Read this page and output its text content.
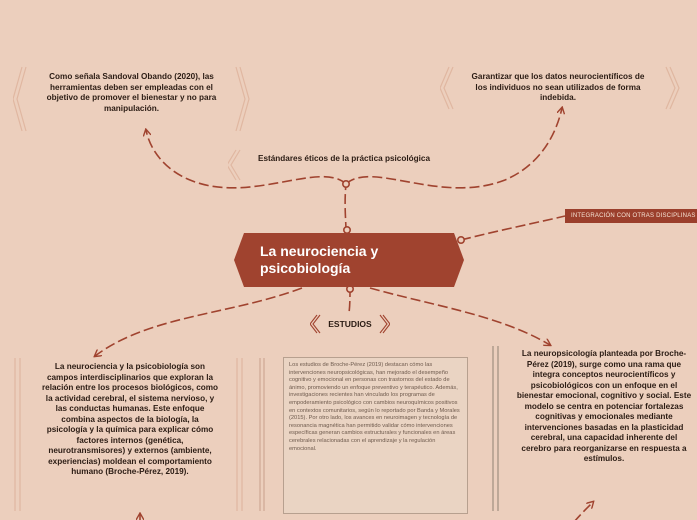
Estándares éticos de la práctica psicológica
Como señala Sandoval Obando (2020), las herramientas deben ser empleadas con el objetivo de promover el bienestar y no para manipulación.
Garantizar que los datos neurocientíficos de los individuos no sean utilizados de forma indebida.
La neurociencia y psicobiología
INTEGRACIÓN CON OTRAS DISCIPLINAS
ESTUDIOS
La neurociencia y la psicobiología son campos interdisciplinarios que exploran la relación entre los procesos biológicos, como la actividad cerebral, el sistema nervioso, y las conductas humanas. Este enfoque combina aspectos de la biología, la psicología y la química para explicar cómo factores internos (genética, neurotransmisores) y externos (ambiente, experiencias) moldean el comportamiento humano (Broche-Pérez, 2019).
Los estudios de Broche-Pérez (2019) destacan cómo las intervenciones neuropsicológicas, han mejorado el desempeño cognitivo y emocional en personas con trastornos del estado de ánimo, promoviendo un enfoque preventivo y terapéutico. Además, investigaciones recientes han vinculado los programas de empoderamiento psicológico con cambios neuroquímicos positivos en contextos comunitarios, según lo reportado por Banda y Morales (2015). Por otro lado, los avances en neuroimagen y tecnología de resonancia magnética han permitido validar cómo intervenciones específicas generan cambios estructurales y funcionales en áreas cerebrales relacionadas con el aprendizaje y la regulación emocional.
La neuropsicología planteada por Broche-Pérez (2019), surge como una rama que integra conceptos neurocientíficos y psicobiológicos con un enfoque en el bienestar emocional, cognitivo y social. Este modelo se centra en potenciar fortalezas cognitivas y emocionales mediante intervenciones basadas en la plasticidad cerebral, una capacidad inherente del cerebro para reorganizarse en respuesta a estímulos.
